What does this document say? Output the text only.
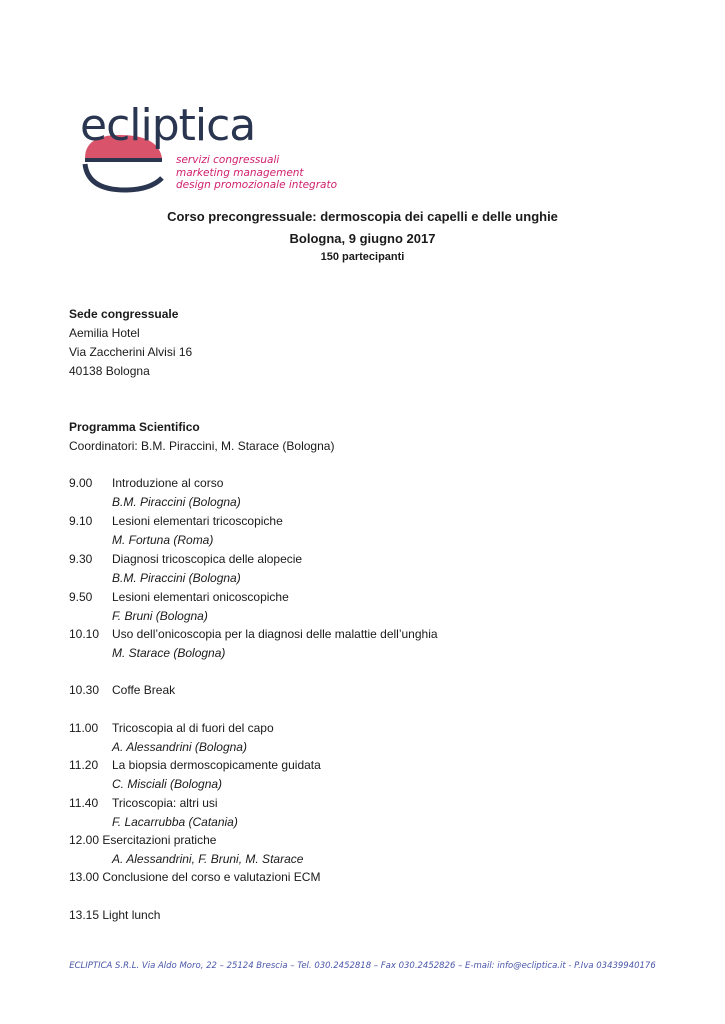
ecliptica
servizi congressuali
marketing management
design promozionale integrato
Corso precongressuale: dermoscopia dei capelli e delle unghie
Bologna, 9 giugno 2017
150 partecipanti
Sede congressuale
Aemilia Hotel
Via Zaccherini Alvisi 16
40138 Bologna
Programma Scientifico
Coordinatori: B.M. Piraccini, M. Starace (Bologna)
9.00 Introduzione al corso
B.M. Piraccini (Bologna)
9.10 Lesioni elementari tricoscopiche
M. Fortuna (Roma)
9.30 Diagnosi tricoscopica delle alopecie
B.M. Piraccini (Bologna)
9.50 Lesioni elementari onicoscopiche
F. Bruni (Bologna)
10.10 Uso dell’onicoscopia per la diagnosi delle malattie dell’unghia
M. Starace (Bologna)
10.30 Coffe Break
11.00 Tricoscopia al di fuori del capo
A. Alessandrini (Bologna)
11.20 La biopsia dermoscopicamente guidata
C. Misciali (Bologna)
11.40 Tricoscopia: altri usi
F. Lacarrubba (Catania)
12.00 Esercitazioni pratiche
A. Alessandrini, F. Bruni, M. Starace
13.00 Conclusione del corso e valutazioni ECM
13.15 Light lunch
ECLIPTICA S.R.L. Via Aldo Moro, 22 – 25124 Brescia – Tel. 030.2452818 – Fax 030.2452826 – E-mail: info@ecliptica.it - P.Iva 03439940176
